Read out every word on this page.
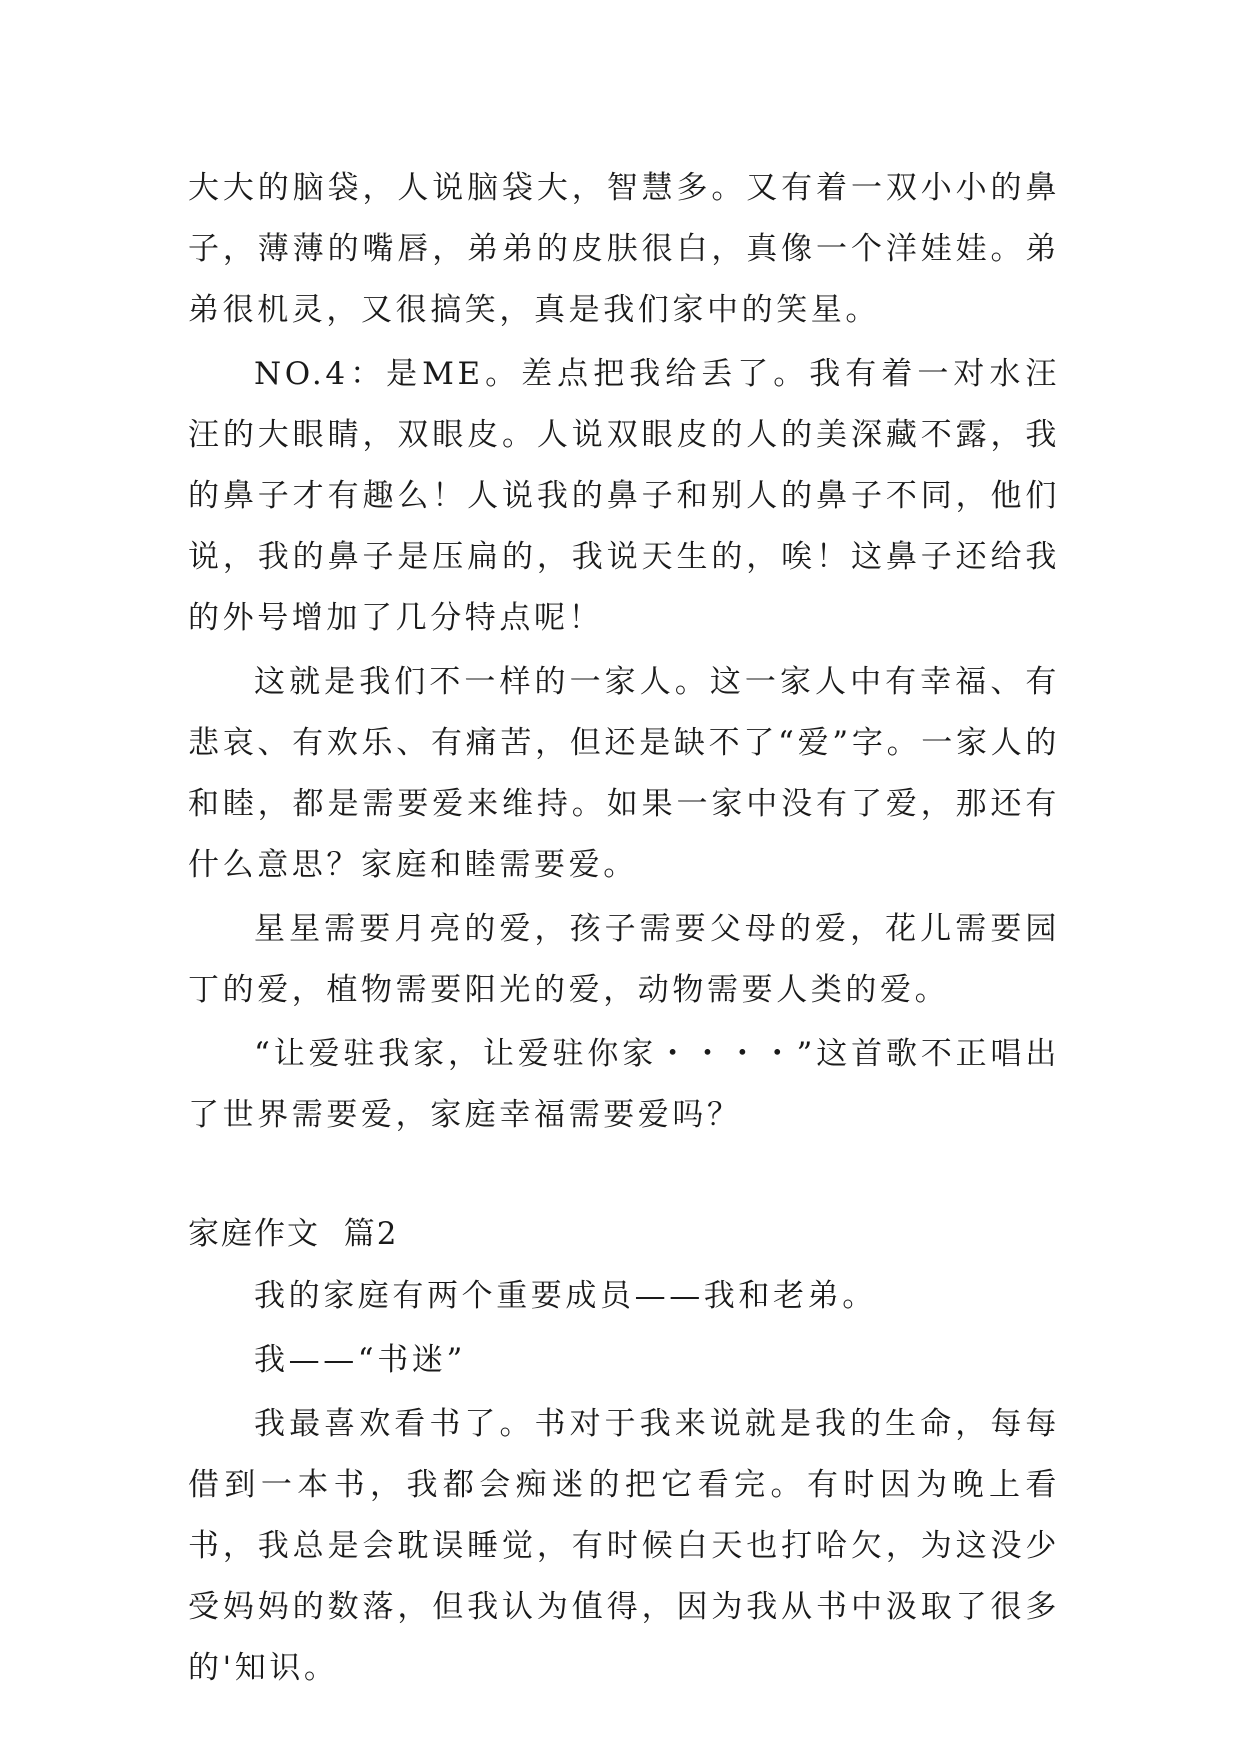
大大的脑袋，人说脑袋大，智慧多。又有着一双小小的鼻子，薄薄的嘴唇，弟弟的皮肤很白，真像一个洋娃娃。弟弟很机灵，又很搞笑，真是我们家中的笑星。

NO.4：是ME。差点把我给丢了。我有着一对水汪汪的大眼睛，双眼皮。人说双眼皮的人的美深藏不露，我的鼻子才有趣么！人说我的鼻子和别人的鼻子不同，他们说，我的鼻子是压扁的，我说天生的，唉！这鼻子还给我的外号增加了几分特点呢！

这就是我们不一样的一家人。这一家人中有幸福、有悲哀、有欢乐、有痛苦，但还是缺不了“爱”字。一家人的和睦，都是需要爱来维持。如果一家中没有了爱，那还有什么意思？家庭和睦需要爱。

星星需要月亮的爱，孩子需要父母的爱，花儿需要园丁的爱，植物需要阳光的爱，动物需要人类的爱。

“让爱驻我家，让爱驻你家・・・・”这首歌不正唱出了世界需要爱，家庭幸福需要爱吗？

家庭作文  篇2

我的家庭有两个重要成员——我和老弟。

我——“书迷”

我最喜欢看书了。书对于我来说就是我的生命，每每借到一本书，我都会痴迷的把它看完。有时因为晚上看书，我总是会耽误睡觉，有时候白天也打哈欠，为这没少受妈妈的数落，但我认为值得，因为我从书中汲取了很多的'知识。
